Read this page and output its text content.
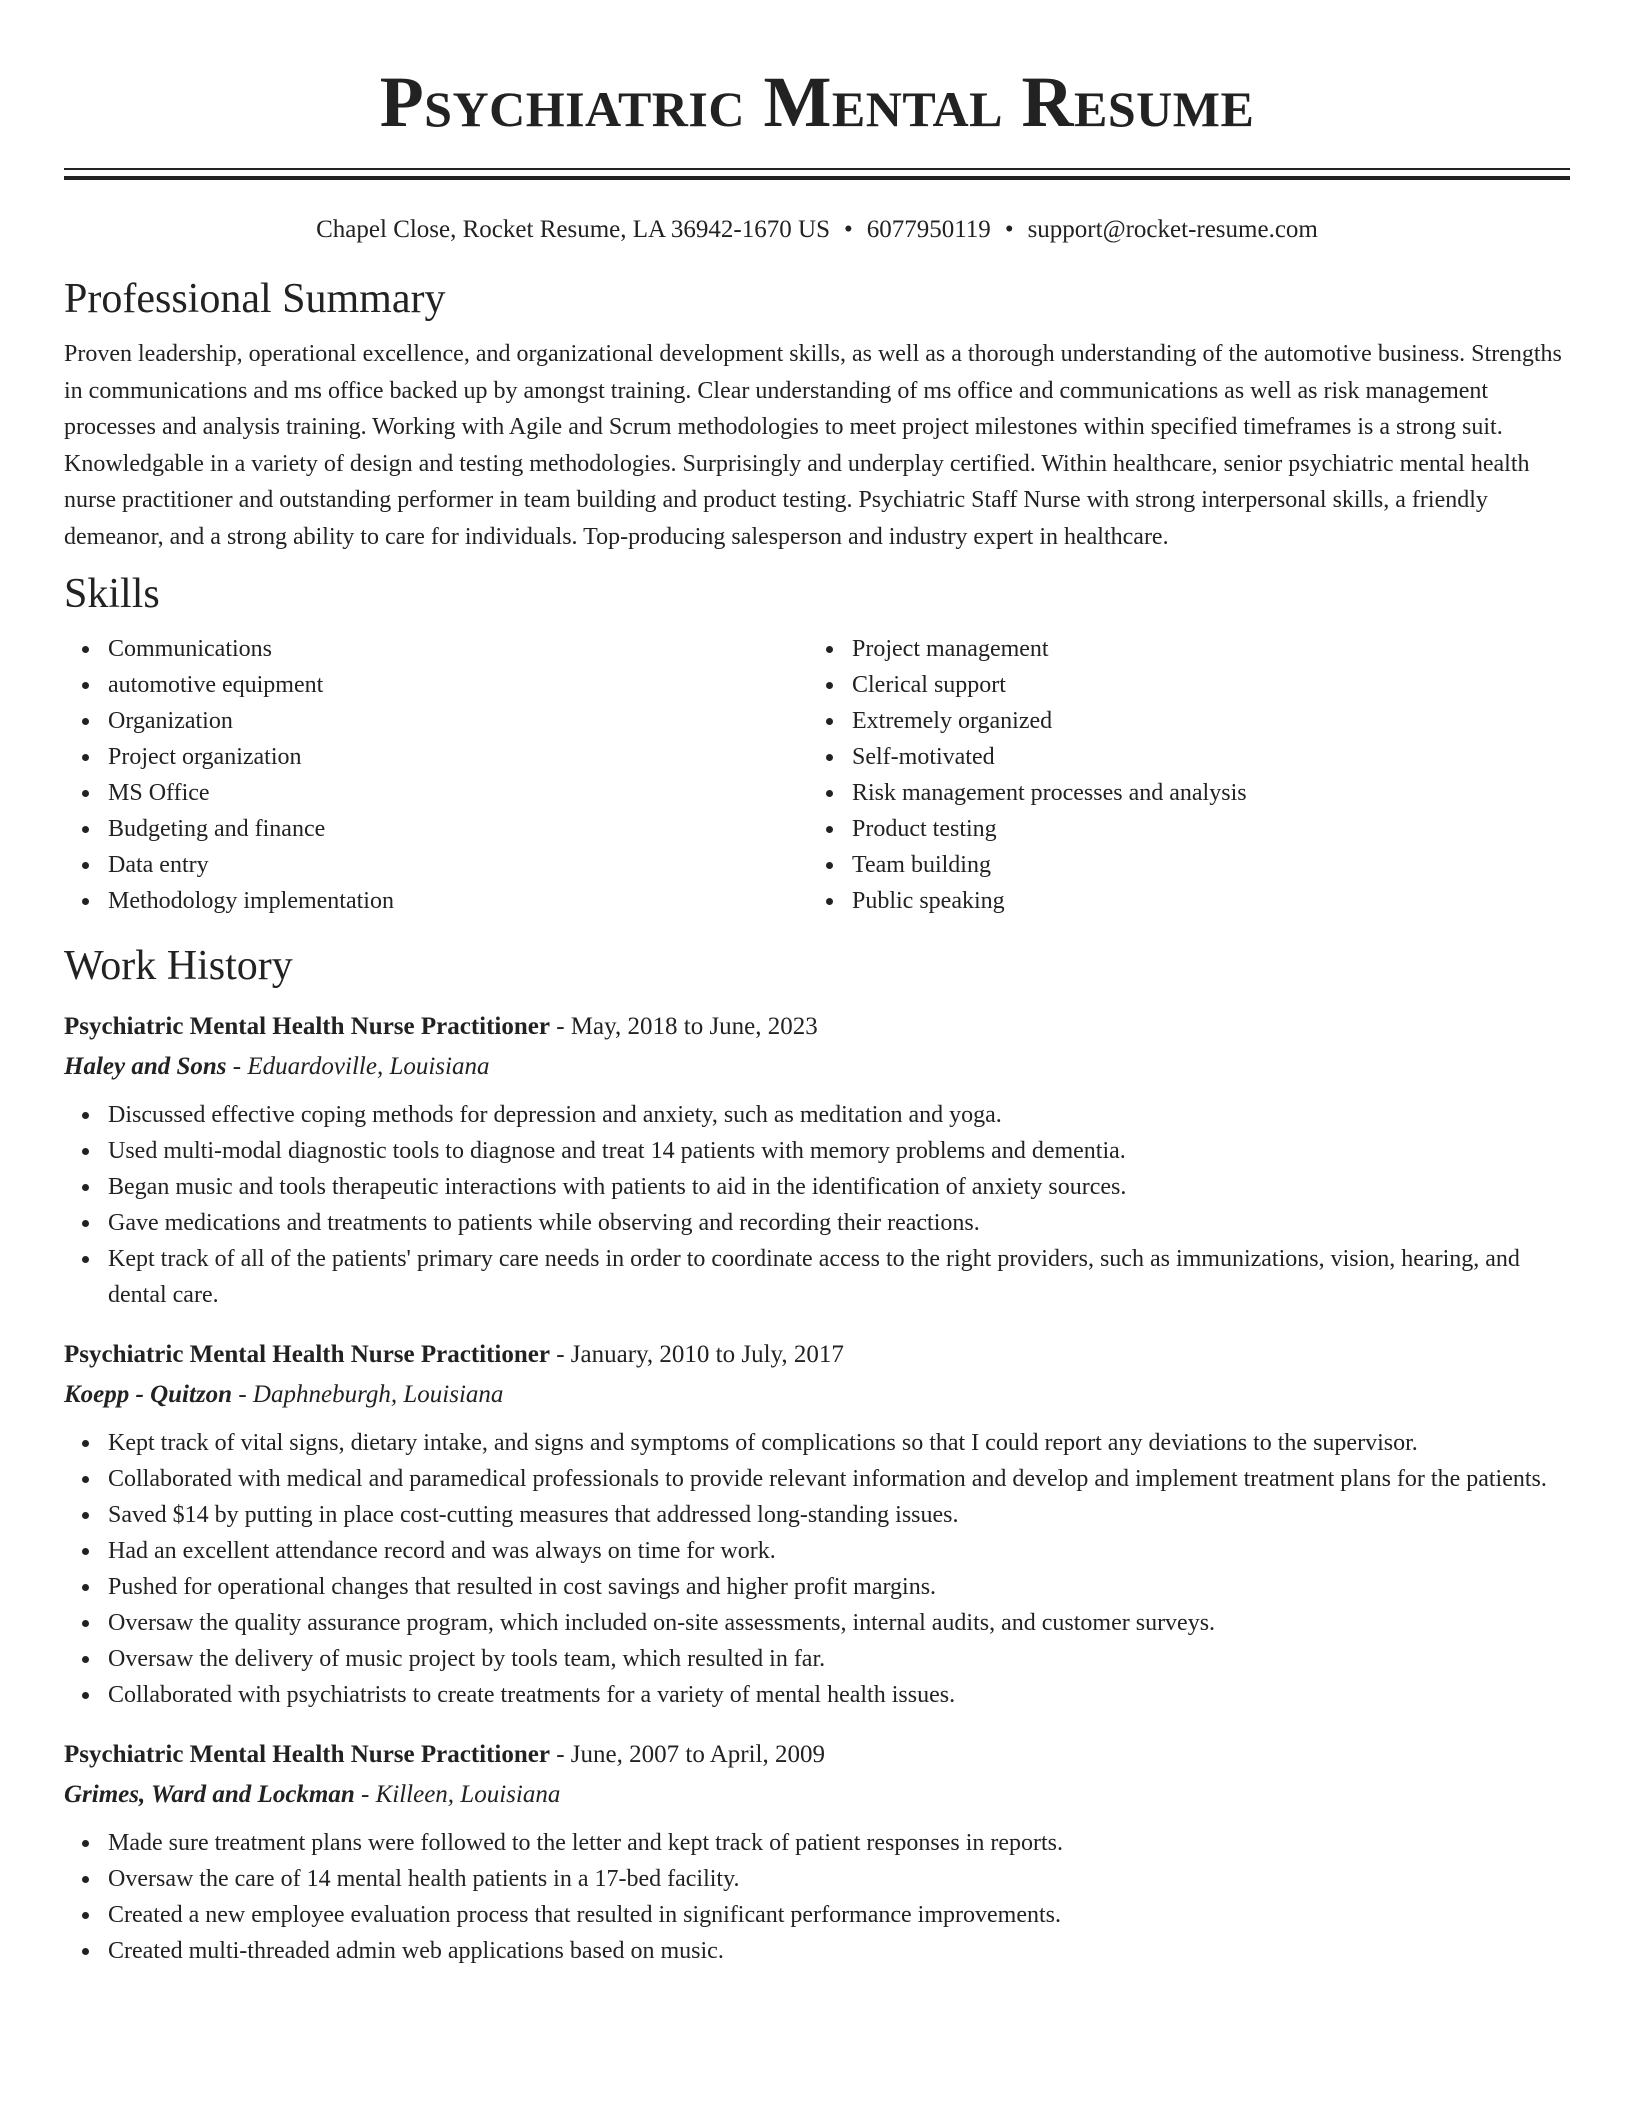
Psychiatric Mental Resume
Chapel Close, Rocket Resume, LA 36942-1670 US • 6077950119 • support@rocket-resume.com
Professional Summary

Proven leadership, operational excellence, and organizational development skills, as well as a thorough understanding of the automotive business. Strengths in communications and ms office backed up by amongst training. Clear understanding of ms office and communications as well as risk management processes and analysis training. Working with Agile and Scrum methodologies to meet project milestones within specified timeframes is a strong suit. Knowledgable in a variety of design and testing methodologies. Surprisingly and underplay certified. Within healthcare, senior psychiatric mental health nurse practitioner and outstanding performer in team building and product testing. Psychiatric Staff Nurse with strong interpersonal skills, a friendly demeanor, and a strong ability to care for individuals. Top-producing salesperson and industry expert in healthcare.

Skills
Communications
automotive equipment
Organization
Project organization
MS Office
Budgeting and finance
Data entry
Methodology implementation
Project management
Clerical support
Extremely organized
Self-motivated
Risk management processes and analysis
Product testing
Team building
Public speaking
Work History
Psychiatric Mental Health Nurse Practitioner - May, 2018 to June, 2023
Haley and Sons - Eduardoville, Louisiana
Discussed effective coping methods for depression and anxiety, such as meditation and yoga.
Used multi-modal diagnostic tools to diagnose and treat 14 patients with memory problems and dementia.
Began music and tools therapeutic interactions with patients to aid in the identification of anxiety sources.
Gave medications and treatments to patients while observing and recording their reactions.
Kept track of all of the patients' primary care needs in order to coordinate access to the right providers, such as immunizations, vision, hearing, and dental care.
Psychiatric Mental Health Nurse Practitioner - January, 2010 to July, 2017
Koepp - Quitzon - Daphneburgh, Louisiana
Kept track of vital signs, dietary intake, and signs and symptoms of complications so that I could report any deviations to the supervisor.
Collaborated with medical and paramedical professionals to provide relevant information and develop and implement treatment plans for the patients.
Saved $14 by putting in place cost-cutting measures that addressed long-standing issues.
Had an excellent attendance record and was always on time for work.
Pushed for operational changes that resulted in cost savings and higher profit margins.
Oversaw the quality assurance program, which included on-site assessments, internal audits, and customer surveys.
Oversaw the delivery of music project by tools team, which resulted in far.
Collaborated with psychiatrists to create treatments for a variety of mental health issues.
Psychiatric Mental Health Nurse Practitioner - June, 2007 to April, 2009
Grimes, Ward and Lockman - Killeen, Louisiana
Made sure treatment plans were followed to the letter and kept track of patient responses in reports.
Oversaw the care of 14 mental health patients in a 17-bed facility.
Created a new employee evaluation process that resulted in significant performance improvements.
Created multi-threaded admin web applications based on music.
